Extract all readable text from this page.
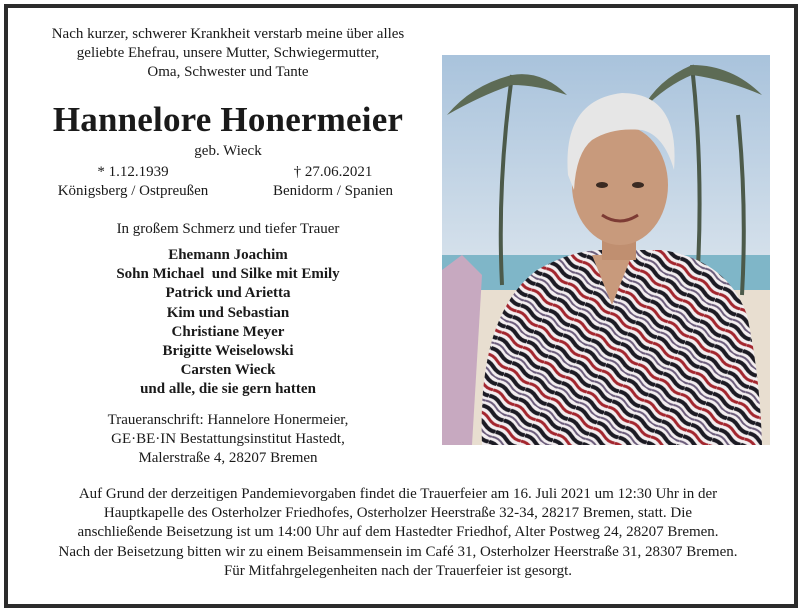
Nach kurzer, schwerer Krankheit verstarb meine über alles
geliebte Ehefrau, unsere Mutter, Schwiegermutter,
Oma, Schwester und Tante
Hannelore Honermeier
geb. Wieck
* 1.12.1939
Königsberg / Ostpreußen
† 27.06.2021
Benidorm / Spanien
In großem Schmerz und tiefer Trauer
Ehemann Joachim
Sohn Michael  und Silke mit Emily
Patrick und Arietta
Kim und Sebastian
Christiane Meyer
Brigitte Weiselowski
Carsten Wieck
und alle, die sie gern hatten
Traueranschrift: Hannelore Honermeier,
GE·BE·IN Bestattungsinstitut Hastedt,
Malerstraße 4, 28207 Bremen
Auf Grund der derzeitigen Pandemievorgaben findet die Trauerfeier am 16. Juli 2021 um 12:30 Uhr in der
Hauptkapelle des Osterholzer Friedhofes, Osterholzer Heerstraße 32-34, 28217 Bremen, statt. Die
anschließende Beisetzung ist um 14:00 Uhr auf dem Hastedter Friedhof, Alter Postweg 24, 28207 Bremen.
Nach der Beisetzung bitten wir zu einem Beisammensein im Café 31, Osterholzer Heerstraße 31, 28307 Bremen.
Für Mitfahrgelegenheiten nach der Trauerfeier ist gesorgt.
